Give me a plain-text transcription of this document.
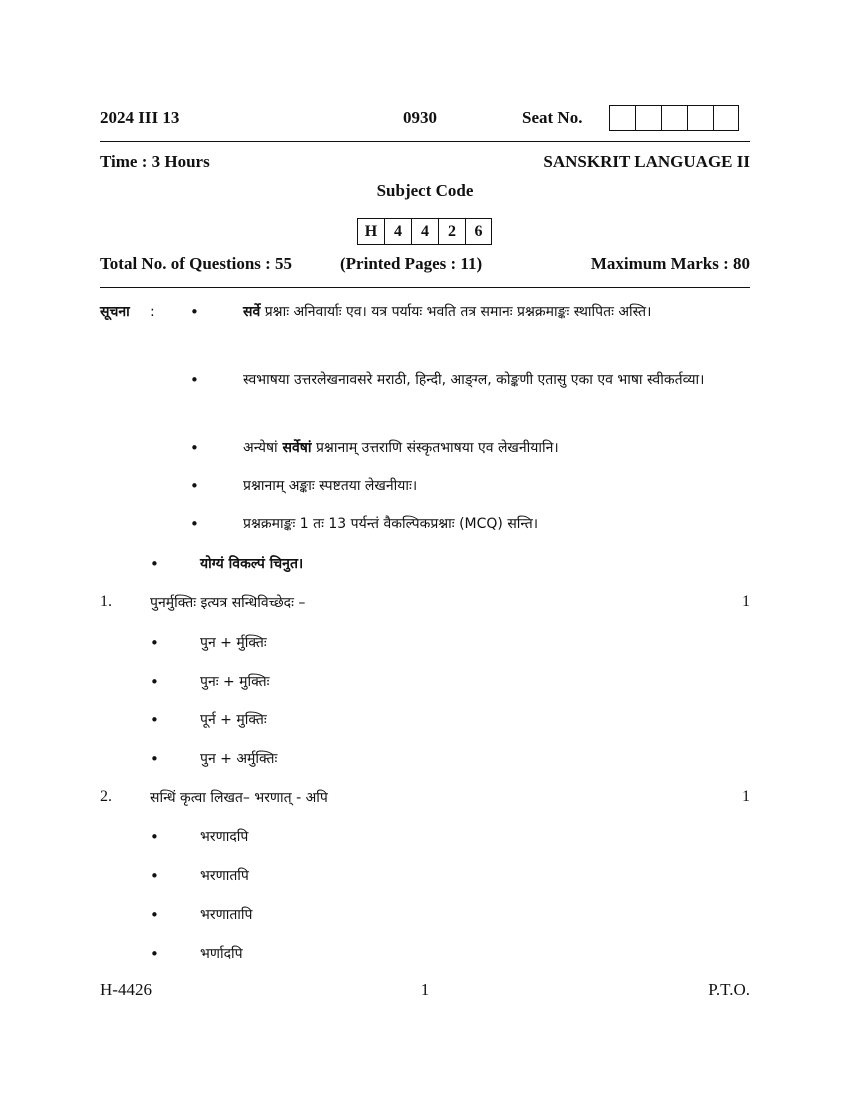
2024 III 13	0930	Seat No.
Time : 3 Hours	SANSKRIT LANGUAGE II
Subject Code
H	4	4	2	6
Total No. of Questions : 55	(Printed Pages : 11)	Maximum Marks : 80
सूचना : •	सर्वे प्रश्नाः अनिवार्याः एव। यत्र पर्यायः भवति तत्र समानः प्रश्नक्रमाङ्कः स्थापितः अस्ति।
•	स्वभाषया उत्तरलेखनावसरे मराठी, हिन्दी, आङ्ग्ल, कोङ्कणी एतासु एका एव भाषा स्वीकर्तव्या।
•	अन्येषां सर्वेषां प्रश्नानाम् उत्तराणि संस्कृतभाषया एव लेखनीयानि।
•	प्रश्नानाम् अङ्काः स्पष्टतया लेखनीयाः।
•	प्रश्नक्रमाङ्कः 1 तः 13 पर्यन्तं वैकल्पिकप्रश्नाः (MCQ) सन्ति।
•	योग्यं विकल्पं चिनुत।
1.	पुनर्मुक्तिः इत्यत्र सन्धिविच्छेदः –	1
•	पुन + र्मुक्तिः
•	पुनः + मुक्तिः
•	पूर्न + मुक्तिः
•	पुन + अर्मुक्तिः
2.	सन्धिं कृत्वा लिखत– भरणात् - अपि	1
•	भरणादपि
•	भरणातपि
•	भरणातापि
•	भर्णादपि
H-4426	1	P.T.O.
